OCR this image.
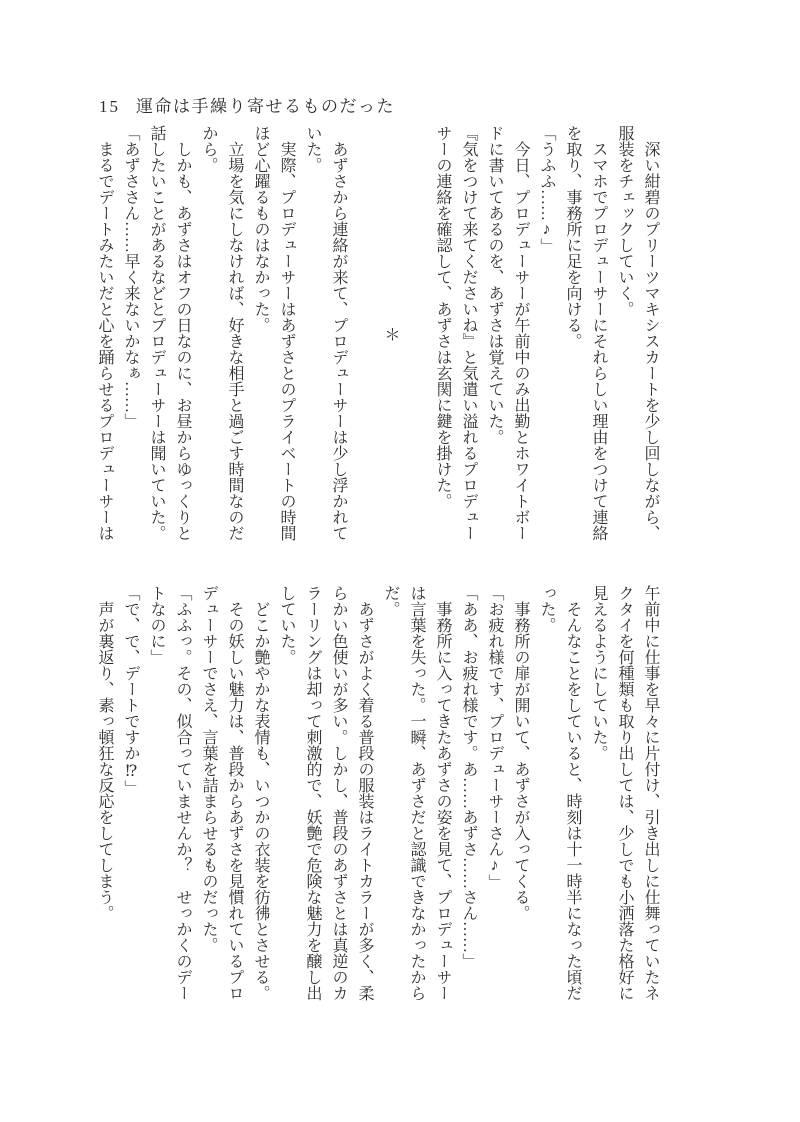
15 運命は手繰り寄せるものだった

　深い紺碧のプリーツマキシスカートを少し回しながら、服装をチェックしていく。

　スマホでプロデューサーにそれらしい理由をつけて連絡を取り、事務所に足を向ける。

「うふふ……♪」

　今日、プロデューサーが午前中のみ出勤とホワイトボードに書いてあるのを、あずさは覚えていた。

『気をつけて来てくださいね』と気遣い溢れるプロデューサーの連絡を確認して、あずさは玄関に鍵を掛けた。

＊

　あずさから連絡が来て、プロデューサーは少し浮かれていた。

　実際、プロデューサーはあずさとのプライベートの時間ほど心躍るものはなかった。

　立場を気にしなければ、好きな相手と過ごす時間なのだから。

　しかも、あずさはオフの日なのに、お昼からゆっくりと話したいことがあるなどとプロデューサーは聞いていた。

「あずささん……早く来ないかなぁ……」

　まるでデートみたいだと心を踊らせるプロデューサーは

午前中に仕事を早々に片付け、引き出しに仕舞っていたネクタイを何種類も取り出しては、少しでも小洒落た格好に見えるようにしていた。

　そんなことをしていると、時刻は十一時半になった頃だった。

　事務所の扉が開いて、あずさが入ってくる。

「お疲れ様です、プロデューサーさん♪」

「ああ、お疲れ様です。あ……あずさ……さん……」

　事務所に入ってきたあずさの姿を見て、プロデューサーは言葉を失った。一瞬、あずさだと認識できなかったからだ。

　あずさがよく着る普段の服装はライトカラーが多く、柔らかい色使いが多い。しかし、普段のあずさとは真逆のカラーリングは却って刺激的で、妖艶で危険な魅力を醸し出していた。

　どこか艶やかな表情も、いつかの衣装を彷彿とさせる。

　その妖しい魅力は、普段からあずさを見慣れているプロデューサーでさえ、言葉を詰まらせるものだった。

「ふふっ。その、似合っていませんか？　せっかくのデートなのに」

「で、で、デートですか⁉」

　声が裏返り、素っ頓狂な反応をしてしまう。
